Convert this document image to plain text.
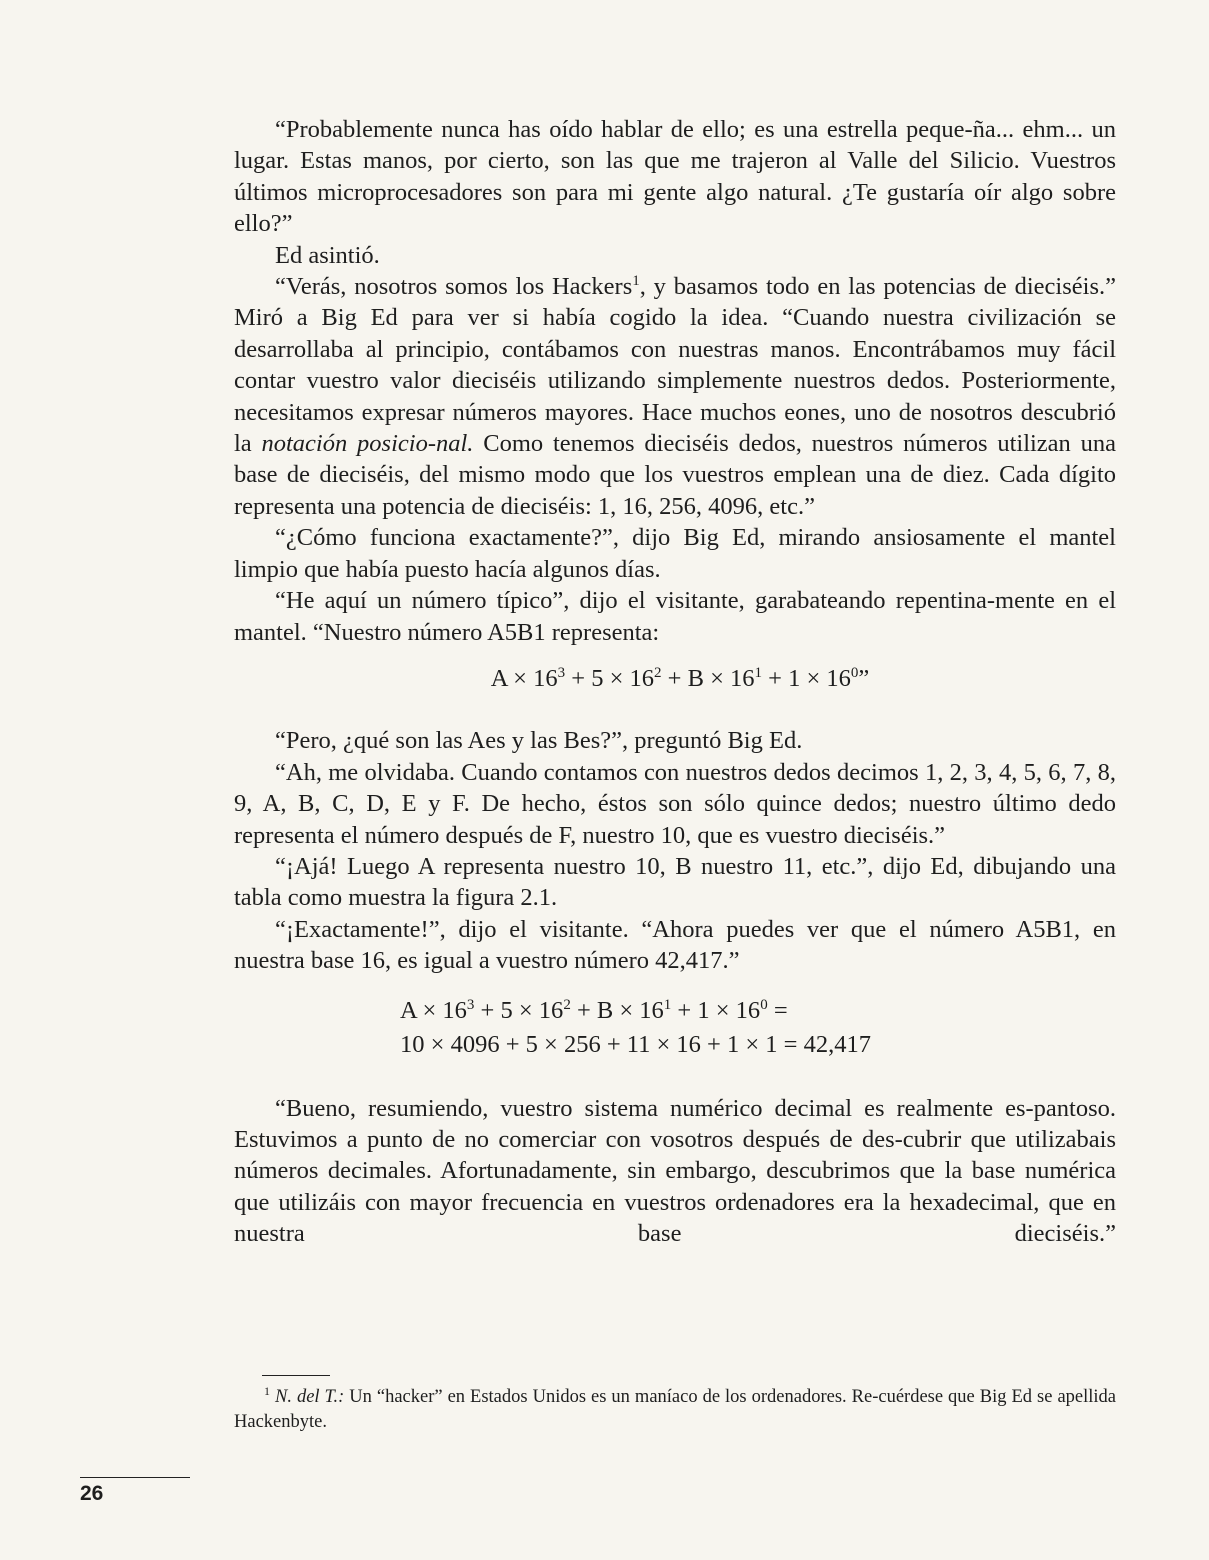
“Probablemente nunca has oído hablar de ello; es una estrella peque-ña... ehm... un lugar. Estas manos, por cierto, son las que me trajeron al Valle del Silicio. Vuestros últimos microprocesadores son para mi gente algo natural. ¿Te gustaría oír algo sobre ello?”

Ed asintió.

“Verás, nosotros somos los Hackers$^1$, y basamos todo en las potencias de dieciséis.” Miró a Big Ed para ver si había cogido la idea. “Cuando nuestra civilización se desarrollaba al principio, contábamos con nuestras manos. Encontrábamos muy fácil contar vuestro valor dieciséis utilizando simplemente nuestros dedos. Posteriormente, necesitamos expresar números mayores. Hace muchos eones, uno de nosotros descubrió la notación posicio-nal. Como tenemos dieciséis dedos, nuestros números utilizan una base de dieciséis, del mismo modo que los vuestros emplean una de diez. Cada dígito representa una potencia de dieciséis: 1, 16, 256, 4096, etc.”

“¿Cómo funciona exactamente?”, dijo Big Ed, mirando ansiosamente el mantel limpio que había puesto hacía algunos días.

“He aquí un número típico”, dijo el visitante, garabateando repentina-mente en el mantel. “Nuestro número A5B1 representa:

$A \times 16^3 + 5 \times 16^2 + B \times 16^1 + 1 \times 16^0$”

“Pero, ¿qué son las Aes y las Bes?”, preguntó Big Ed.

“Ah, me olvidaba. Cuando contamos con nuestros dedos decimos 1, 2, 3, 4, 5, 6, 7, 8, 9, A, B, C, D, E y F. De hecho, éstos son sólo quince dedos; nuestro último dedo representa el número después de F, nuestro 10, que es vuestro dieciséis.”

“¡Ajá! Luego A representa nuestro 10, B nuestro 11, etc.”, dijo Ed, dibujando una tabla como muestra la figura 2.1.

“¡Exactamente!”, dijo el visitante. “Ahora puedes ver que el número A5B1, en nuestra base 16, es igual a vuestro número 42,417.”

$A \times 16^3 + 5 \times 16^2 + B \times 16^1 + 1 \times 16^0$ =
10 × 4096 + 5 × 256 + 11 × 16 + 1 × 1 = 42,417

“Bueno, resumiendo, vuestro sistema numérico decimal es realmente es-pantoso. Estuvimos a punto de no comerciar con vosotros después de des-cubrir que utilizabais números decimales. Afortunadamente, sin embargo, descubrimos que la base numérica que utilizáis con mayor frecuencia en vuestros ordenadores era la hexadecimal, que en nuestra base dieciséis.”

$^1$ N. del T.: Un “hacker” en Estados Unidos es un maníaco de los ordenadores. Re-cuérdese que Big Ed se apellida Hackenbyte.
26
